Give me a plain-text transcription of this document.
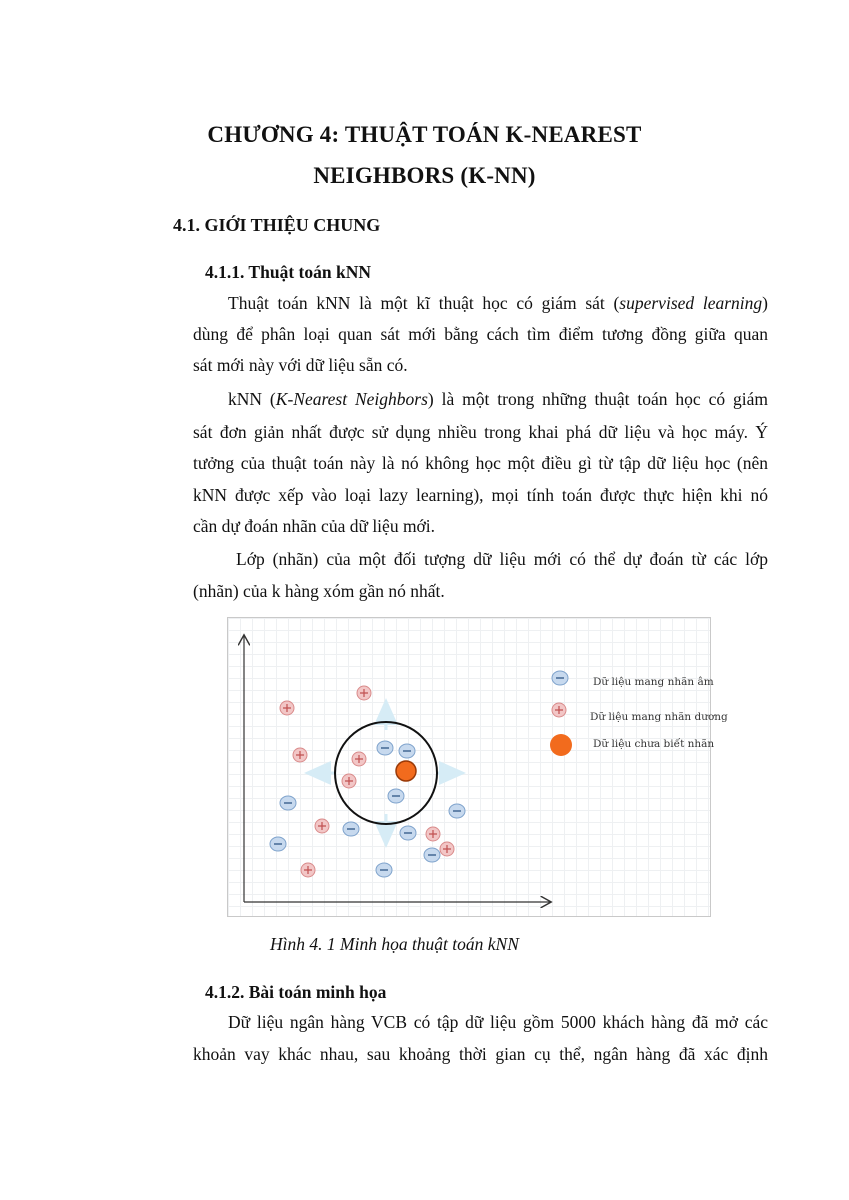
CHƯƠNG 4: THUẬT TOÁN K-NEAREST
NEIGHBORS (K-NN)
4.1. GIỚI THIỆU CHUNG
4.1.1. Thuật toán kNN
Thuật toán kNN là một kĩ thuật học có giám sát (supervised learning)
dùng để phân loại quan sát mới bằng cách tìm điểm tương đồng giữa quan
sát mới này với dữ liệu sẵn có.
kNN (K-Nearest Neighbors) là một trong những thuật toán học có giám
sát đơn giản nhất được sử dụng nhiều trong khai phá dữ liệu và học máy. Ý
tưởng của thuật toán này là nó không học một điều gì từ tập dữ liệu học (nên
kNN được xếp vào loại lazy learning), mọi tính toán được thực hiện khi nó
cần dự đoán nhãn của dữ liệu mới.
Lớp (nhãn) của một đối tượng dữ liệu mới có thể dự đoán từ các lớp
(nhãn) của k hàng xóm gần nó nhất.
Dữ liệu mang nhãn âm
Dữ liệu mang nhãn dương
Dữ liệu chưa biết nhãn
Hình 4. 1 Minh họa thuật toán kNN
4.1.2. Bài toán minh họa
Dữ liệu ngân hàng VCB có tập dữ liệu gồm 5000 khách hàng đã mở các
khoản vay khác nhau, sau khoảng thời gian cụ thể, ngân hàng đã xác định
